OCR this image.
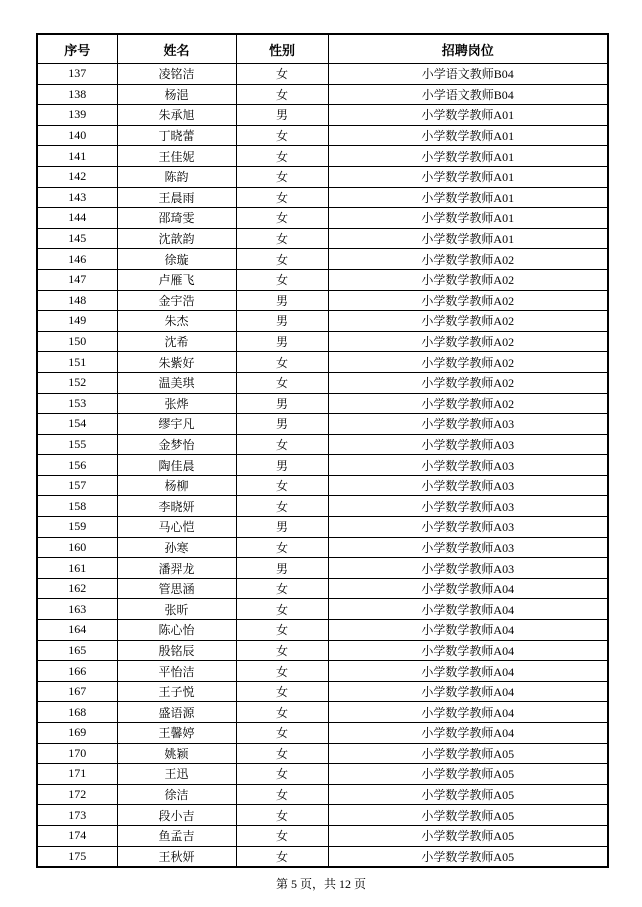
序号	姓名	性别	招聘岗位
137	凌铭洁	女	小学语文教师B04
138	杨浥	女	小学语文教师B04
139	朱承旭	男	小学数学教师A01
140	丁晓蕾	女	小学数学教师A01
141	王佳妮	女	小学数学教师A01
142	陈韵	女	小学数学教师A01
143	王晨雨	女	小学数学教师A01
144	邵琦雯	女	小学数学教师A01
145	沈歆韵	女	小学数学教师A01
146	徐璇	女	小学数学教师A02
147	卢雁飞	女	小学数学教师A02
148	金宇浩	男	小学数学教师A02
149	朱杰	男	小学数学教师A02
150	沈希	男	小学数学教师A02
151	朱紫好	女	小学数学教师A02
152	温美琪	女	小学数学教师A02
153	张烨	男	小学数学教师A02
154	缪宇凡	男	小学数学教师A03
155	金梦怡	女	小学数学教师A03
156	陶佳晨	男	小学数学教师A03
157	杨柳	女	小学数学教师A03
158	李晓妍	女	小学数学教师A03
159	马心恺	男	小学数学教师A03
160	孙寒	女	小学数学教师A03
161	潘羿龙	男	小学数学教师A03
162	管思涵	女	小学数学教师A04
163	张昕	女	小学数学教师A04
164	陈心怡	女	小学数学教师A04
165	殷铭辰	女	小学数学教师A04
166	平怡洁	女	小学数学教师A04
167	王子悦	女	小学数学教师A04
168	盛语源	女	小学数学教师A04
169	王馨婷	女	小学数学教师A04
170	姚颖	女	小学数学教师A05
171	王迅	女	小学数学教师A05
172	徐洁	女	小学数学教师A05
173	段小吉	女	小学数学教师A05
174	鱼孟吉	女	小学数学教师A05
175	王秋妍	女	小学数学教师A05
第 5 页，共 12 页
